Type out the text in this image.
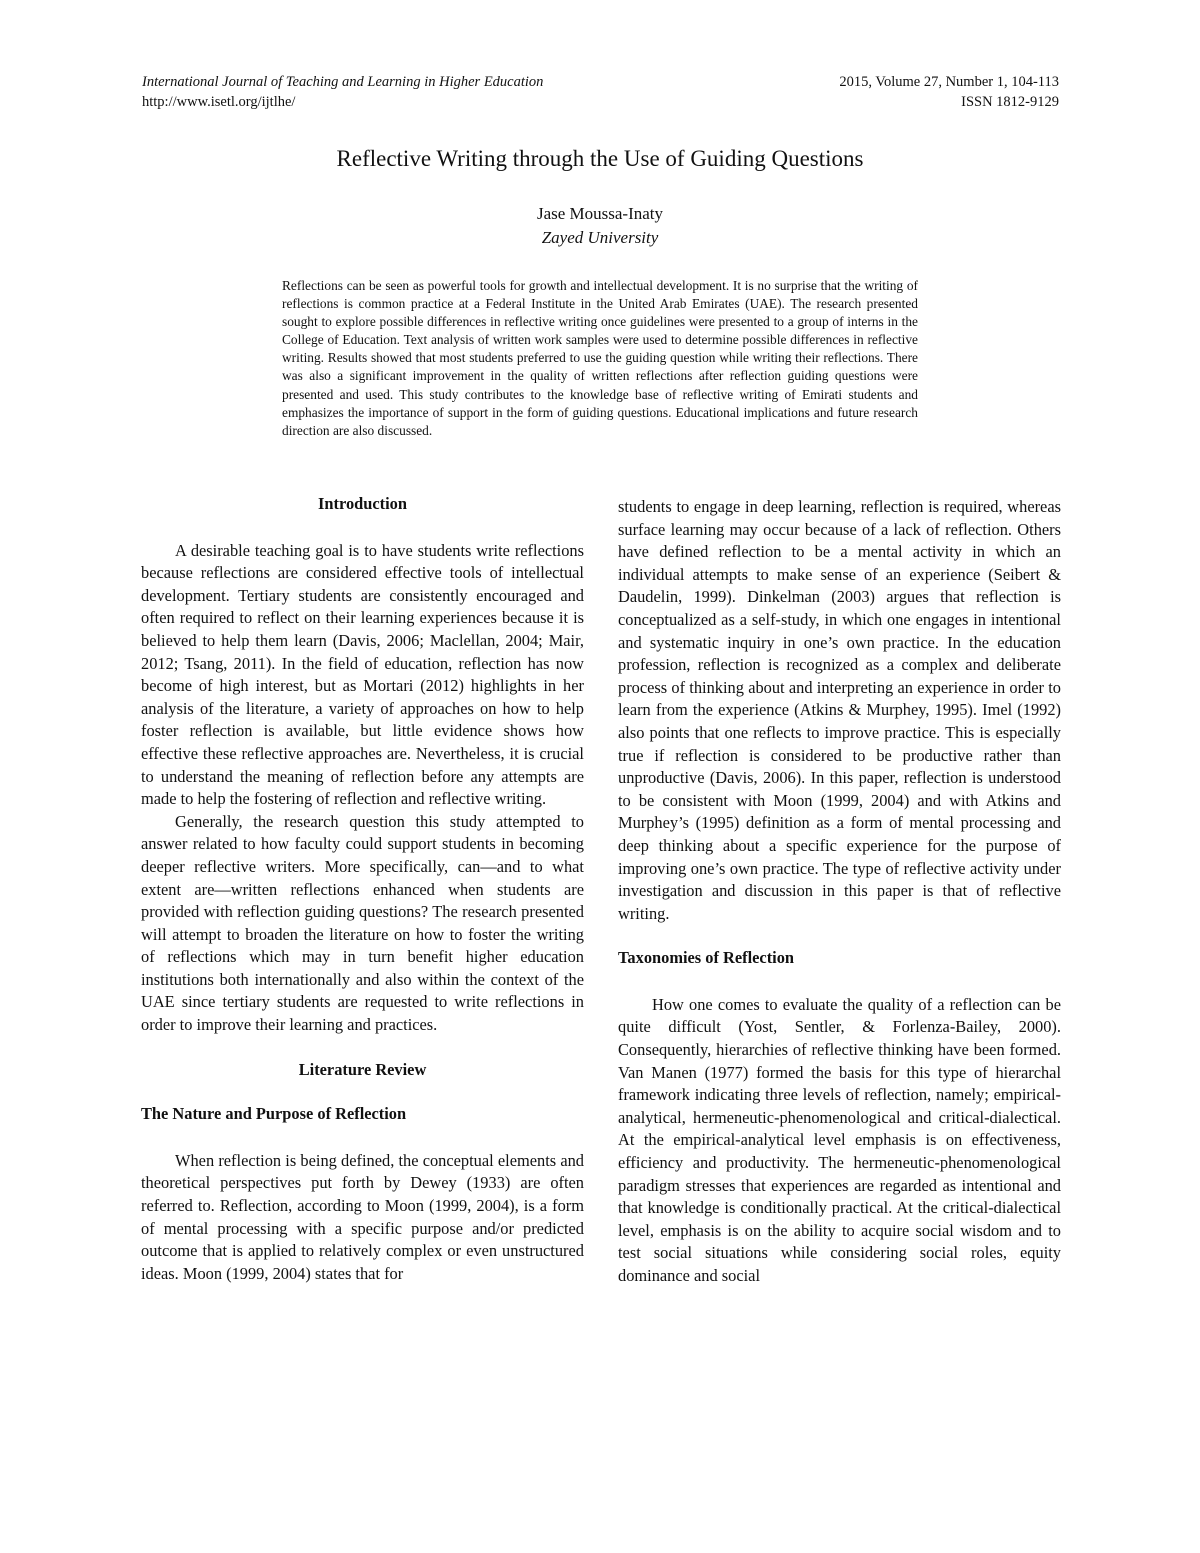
International Journal of Teaching and Learning in Higher Education
http://www.isetl.org/ijtlhe/
2015, Volume 27, Number 1, 104-113
ISSN 1812-9129
Reflective Writing through the Use of Guiding Questions
Jase Moussa-Inaty
Zayed University
Reflections can be seen as powerful tools for growth and intellectual development. It is no surprise that the writing of reflections is common practice at a Federal Institute in the United Arab Emirates (UAE). The research presented sought to explore possible differences in reflective writing once guidelines were presented to a group of interns in the College of Education. Text analysis of written work samples were used to determine possible differences in reflective writing. Results showed that most students preferred to use the guiding question while writing their reflections. There was also a significant improvement in the quality of written reflections after reflection guiding questions were presented and used. This study contributes to the knowledge base of reflective writing of Emirati students and emphasizes the importance of support in the form of guiding questions. Educational implications and future research direction are also discussed.
Introduction

A desirable teaching goal is to have students write reflections because reflections are considered effective tools of intellectual development. Tertiary students are consistently encouraged and often required to reflect on their learning experiences because it is believed to help them learn (Davis, 2006; Maclellan, 2004; Mair, 2012; Tsang, 2011). In the field of education, reflection has now become of high interest, but as Mortari (2012) highlights in her analysis of the literature, a variety of approaches on how to help foster reflection is available, but little evidence shows how effective these reflective approaches are. Nevertheless, it is crucial to understand the meaning of reflection before any attempts are made to help the fostering of reflection and reflective writing.

Generally, the research question this study attempted to answer related to how faculty could support students in becoming deeper reflective writers. More specifically, can—and to what extent are—written reflections enhanced when students are provided with reflection guiding questions? The research presented will attempt to broaden the literature on how to foster the writing of reflections which may in turn benefit higher education institutions both internationally and also within the context of the UAE since tertiary students are requested to write reflections in order to improve their learning and practices.

Literature Review
The Nature and Purpose of Reflection

When reflection is being defined, the conceptual elements and theoretical perspectives put forth by Dewey (1933) are often referred to. Reflection, according to Moon (1999, 2004), is a form of mental processing with a specific purpose and/or predicted outcome that is applied to relatively complex or even unstructured ideas. Moon (1999, 2004) states that for

students to engage in deep learning, reflection is required, whereas surface learning may occur because of a lack of reflection. Others have defined reflection to be a mental activity in which an individual attempts to make sense of an experience (Seibert & Daudelin, 1999). Dinkelman (2003) argues that reflection is conceptualized as a self-study, in which one engages in intentional and systematic inquiry in one’s own practice. In the education profession, reflection is recognized as a complex and deliberate process of thinking about and interpreting an experience in order to learn from the experience (Atkins & Murphey, 1995). Imel (1992) also points that one reflects to improve practice. This is especially true if reflection is considered to be productive rather than unproductive (Davis, 2006). In this paper, reflection is understood to be consistent with Moon (1999, 2004) and with Atkins and Murphey’s (1995) definition as a form of mental processing and deep thinking about a specific experience for the purpose of improving one’s own practice. The type of reflective activity under investigation and discussion in this paper is that of reflective writing.

Taxonomies of Reflection

How one comes to evaluate the quality of a reflection can be quite difficult (Yost, Sentler, & Forlenza-Bailey, 2000). Consequently, hierarchies of reflective thinking have been formed. Van Manen (1977) formed the basis for this type of hierarchal framework indicating three levels of reflection, namely; empirical-analytical, hermeneutic-phenomenological and critical-dialectical. At the empirical-analytical level emphasis is on effectiveness, efficiency and productivity. The hermeneutic-phenomenological paradigm stresses that experiences are regarded as intentional and that knowledge is conditionally practical. At the critical-dialectical level, emphasis is on the ability to acquire social wisdom and to test social situations while considering social roles, equity dominance and social
